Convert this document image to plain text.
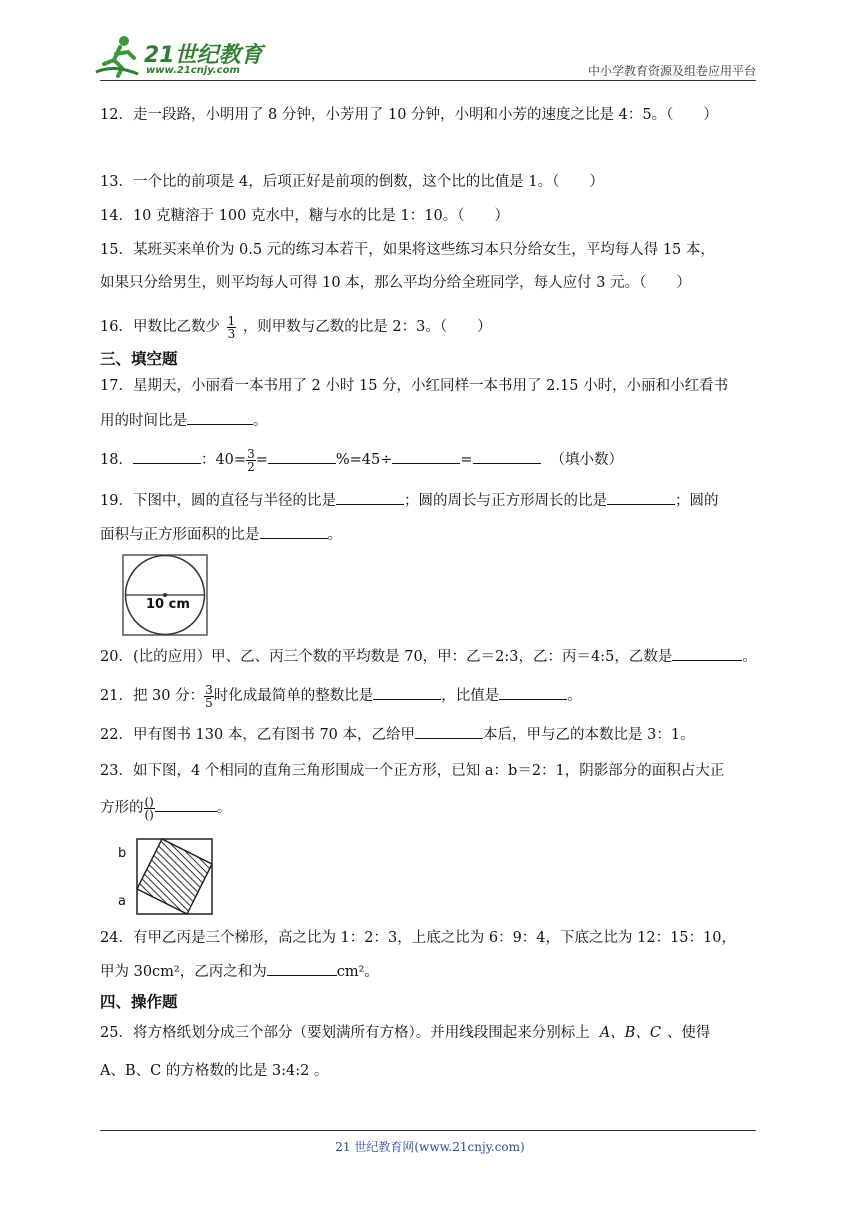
21世纪教育
www.21cnjy.com	中小学教育资源及组卷应用平台
12．走一段路，小明用了 8 分钟，小芳用了 10 分钟，小明和小芳的速度之比是 4：5。（ ）
13．一个比的前项是 4，后项正好是前项的倒数，这个比的比值是 1。（ ）
14．10 克糖溶于 100 克水中，糖与水的比是 1：10。（ ）
15．某班买来单价为 0.5 元的练习本若干，如果将这些练习本只分给女生，平均每人得 15 本，
如果只分给男生，则平均每人可得 10 本，那么平均分给全班同学，每人应付 3 元。（ ）
16．甲数比乙数少 $\frac{1}{3}$ ，则甲数与乙数的比是 2：3。（ ）
三、填空题
17．星期天，小丽看一本书用了 2 小时 15 分，小红同样一本书用了 2.15 小时，小丽和小红看书
用的时间比是	。
18．	：$40= \frac{3}{2}$ =	%=45÷	=	（填小数）
19．下图中，圆的直径与半径的比是	；圆的周长与正方形周长的比是	；圆的
面积与正方形面积的比是	。
10 cm
20．(比的应用）甲、乙、丙三个数的平均数是 70，甲：乙＝2:3，乙：丙＝4:5，乙数是	。
21．把 30 分： $\frac{3}{5}$ 时化成最简单的整数比是	，比值是	。
22．甲有图书 130 本，乙有图书 70 本，乙给甲	本后，甲与乙的本数比是 3：1。
23．如下图，4 个相同的直角三角形围成一个正方形，已知 a：b＝2：1，阴影部分的面积占大正
方形的 $\frac{()}{()}$	。
b
a
24．有甲乙丙是三个梯形，高之比为 1：2：3，上底之比为 6：9：4，下底之比为 12：15：10，
甲为 30cm²，乙丙之和为	cm²。
四、操作题
25．将方格纸划分成三个部分（要划满所有方格）。并用线段围起来分别标上 A、B、C 、使得
A、B、C 的方格数的比是 3:4:2 。
21 世纪教育网(www.21cnjy.com)
